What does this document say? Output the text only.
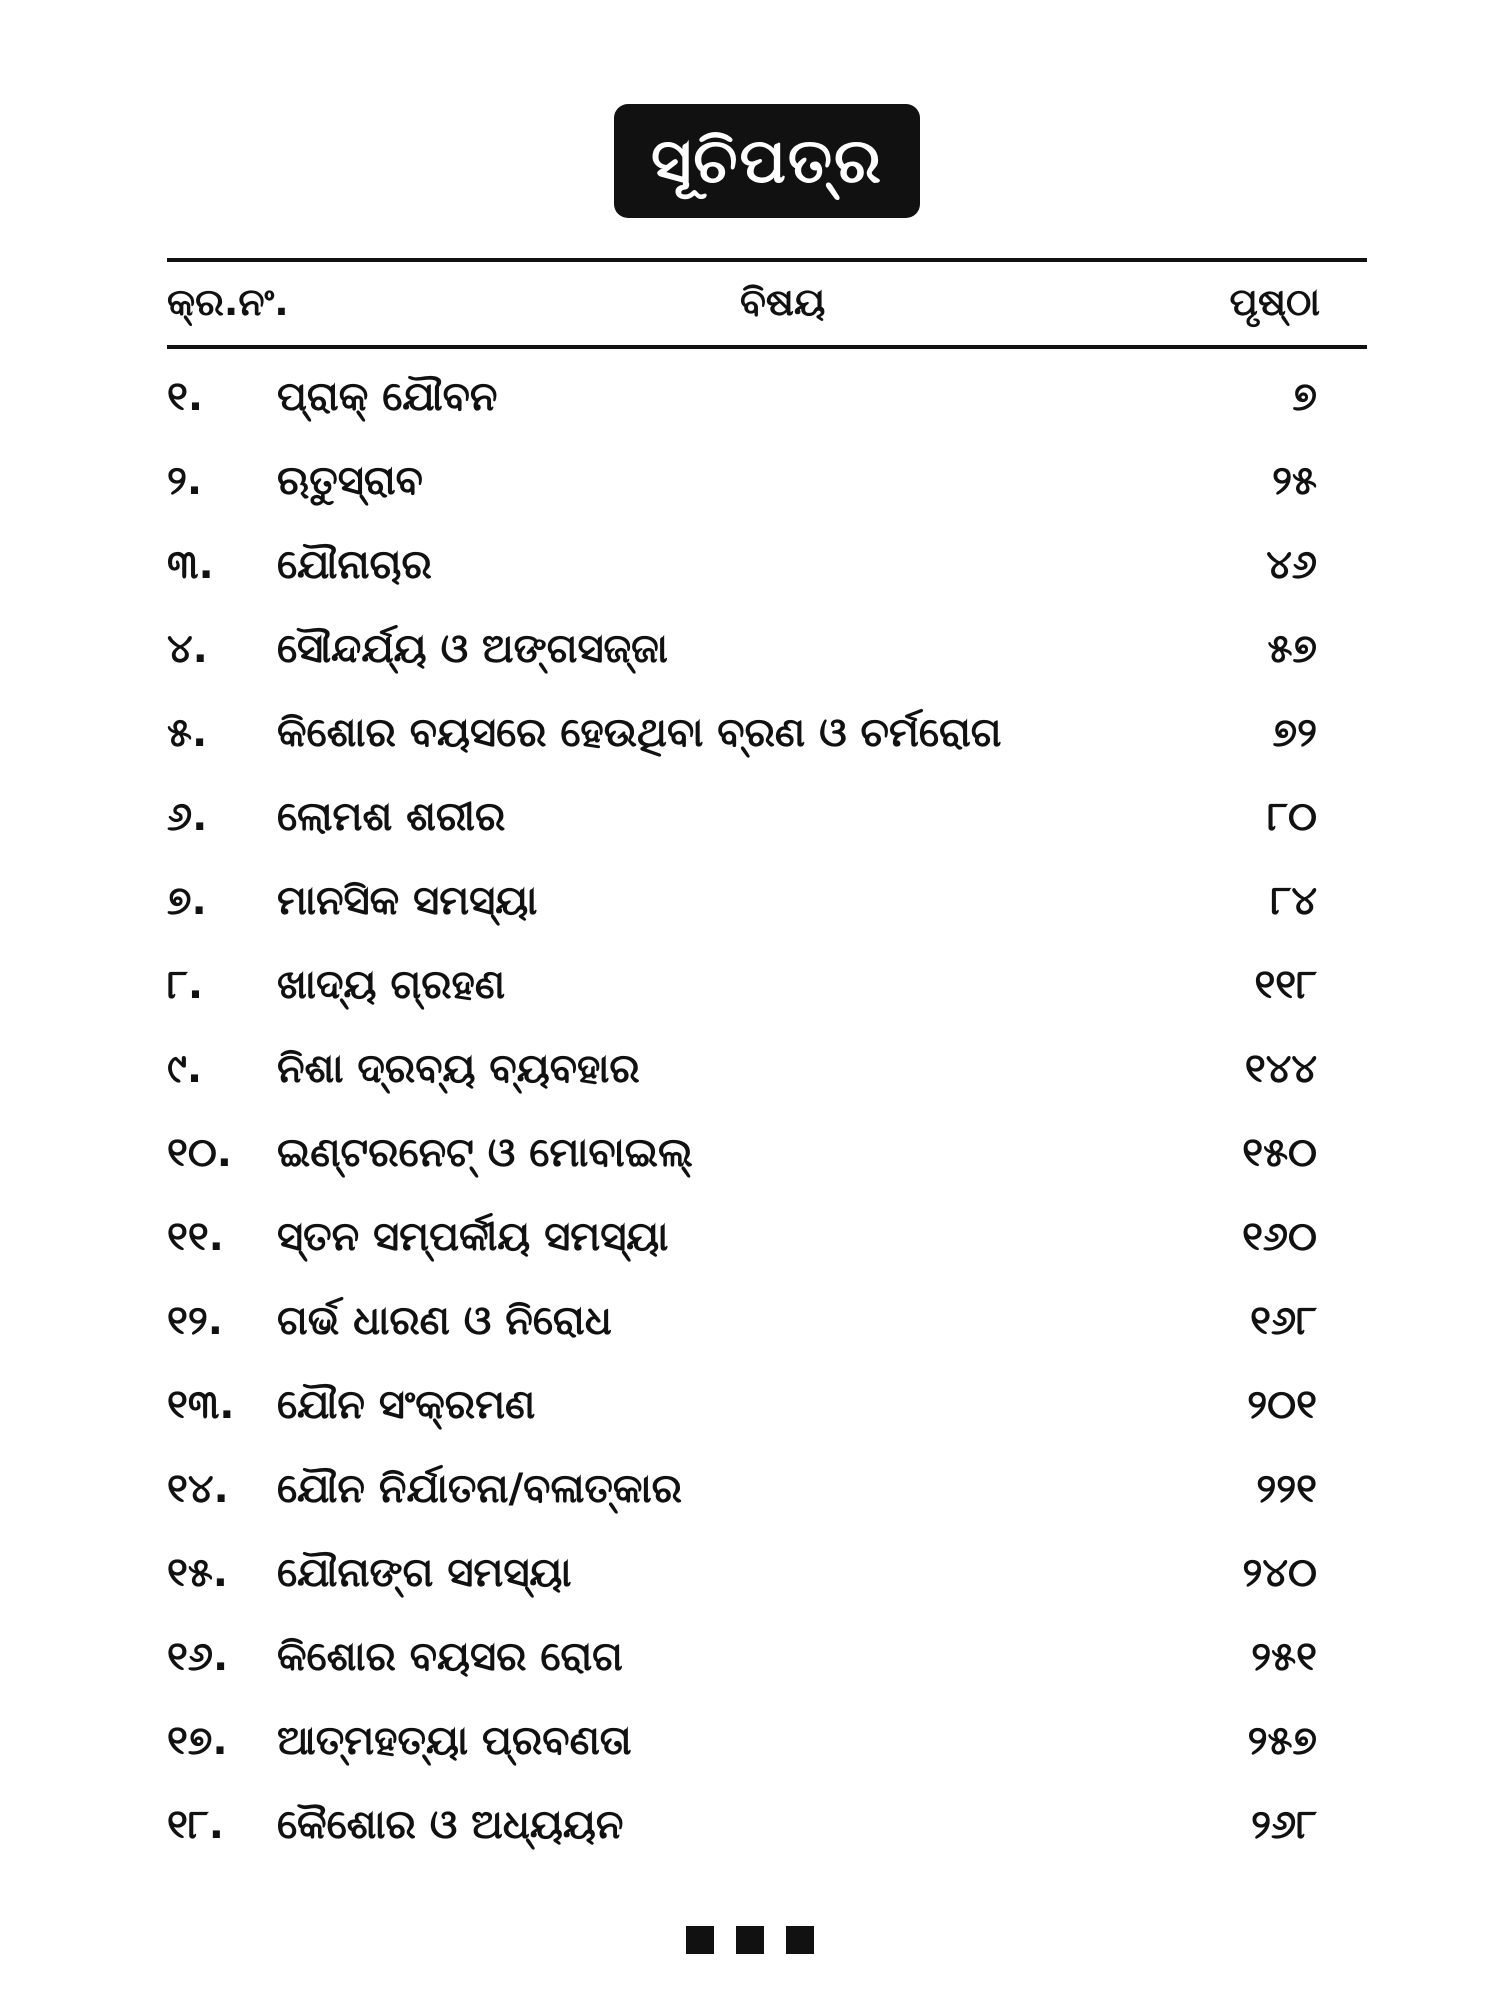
ସୂଚିପତ୍ର
କ୍ର.ନଂ.	ବିଷୟ	ପୃଷ୍ଠା
୧.	ପ୍ରାକ୍ ଯୌବନ	୭
୨.	ଋତୁସ୍ରାବ	୨୫
୩.	ଯୌନାଚାର	୪୬
୪.	ସୌନ୍ଦର୍ଯ୍ୟ ଓ ଅଙ୍ଗସଜ୍ଜା	୫୭
୫.	କିଶୋର ବୟସରେ ହେଉଥିବା ବ୍ରଣ ଓ ଚର୍ମରୋଗ	୭୨
୬.	ଲୋମଶ ଶରୀର	୮୦
୭.	ମାନସିକ ସମସ୍ୟା	୮୪
୮.	ଖାଦ୍ୟ ଗ୍ରହଣ	୧୧୮
୯.	ନିଶା ଦ୍ରବ୍ୟ ବ୍ୟବହାର	୧୪୪
୧୦.	ଇଣ୍ଟରନେଟ୍ ଓ ମୋବାଇଲ୍	୧୫୦
୧୧.	ସ୍ତନ ସମ୍ପର୍କୀୟ ସମସ୍ୟା	୧୬୦
୧୨.	ଗର୍ଭ ଧାରଣ ଓ ନିରୋଧ	୧୬୮
୧୩.	ଯୌନ ସଂକ୍ରମଣ	୨୦୧
୧୪.	ଯୌନ ନିର୍ଯାତନା/ବଳାତ୍କାର	୨୨୧
୧୫.	ଯୌନାଙ୍ଗ ସମସ୍ୟା	୨୪୦
୧୬.	କିଶୋର ବୟସର ରୋଗ	୨୫୧
୧୭.	ଆତ୍ମହତ୍ୟା ପ୍ରବଣତା	୨୫୭
୧୮.	କୈଶୋର ଓ ଅଧ୍ୟୟନ	୨୬୮
